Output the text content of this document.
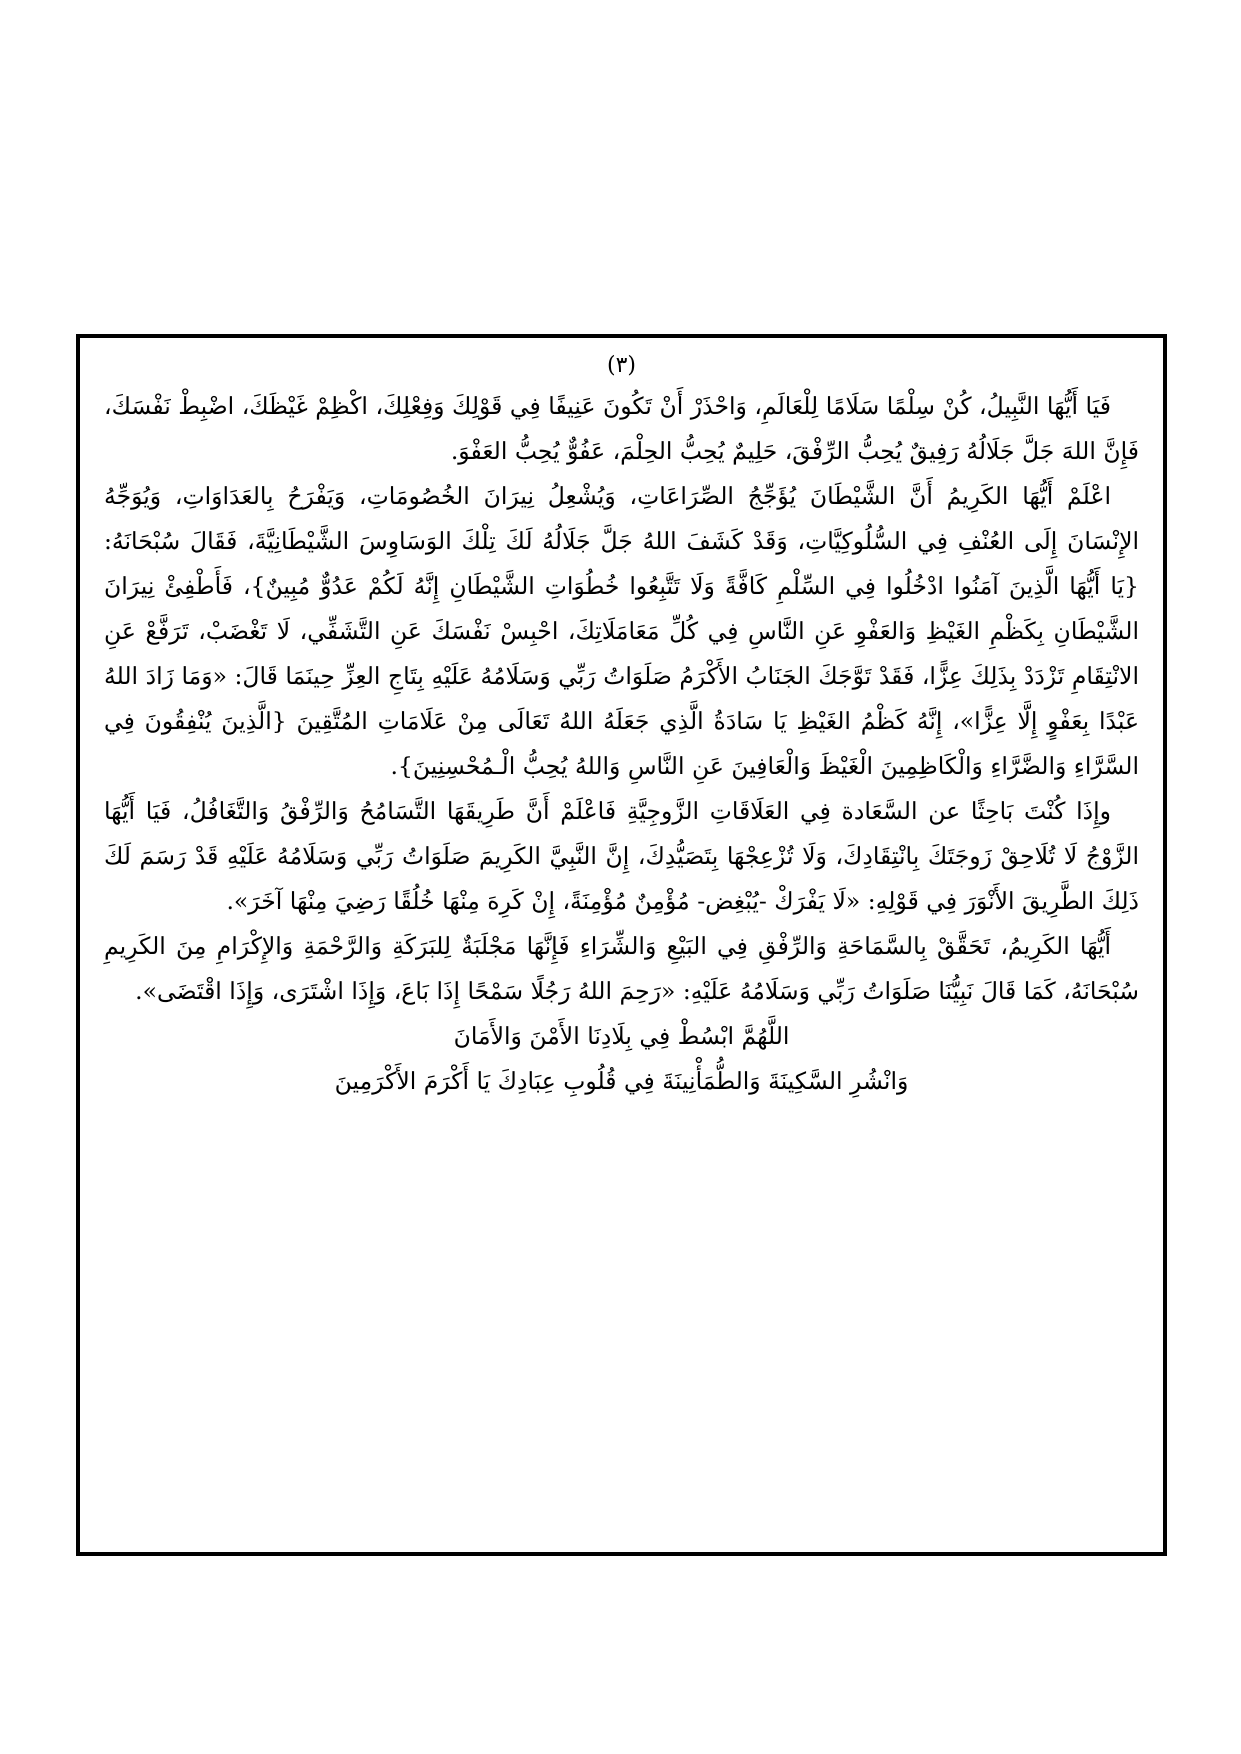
(٣)

فَيَا أَيُّهَا النَّبِيلُ، كُنْ سِلْمًا سَلَامًا لِلْعَالَمِ، وَاحْذَرْ أَنْ تَكُونَ عَنِيفًا فِي قَوْلِكَ وَفِعْلِكَ، اكْظِمْ غَيْظَكَ، اضْبِطْ نَفْسَكَ، فَإِنَّ اللهَ جَلَّ جَلَالُهُ رَفِيقٌ يُحِبُّ الرِّفْقَ، حَلِيمٌ يُحِبُّ الحِلْمَ، عَفُوٌّ يُحِبُّ العَفْوَ.

اعْلَمْ أَيُّهَا الكَرِيمُ أَنَّ الشَّيْطَانَ يُؤَجِّجُ الصِّرَاعَاتِ، وَيُشْعِلُ نِيرَانَ الخُصُومَاتِ، وَيَفْرَحُ بِالعَدَاوَاتِ، وَيُوَجِّهُ الإِنْسَانَ إِلَى العُنْفِ فِي السُّلُوكِيَّاتِ، وَقَدْ كَشَفَ اللهُ جَلَّ جَلَالُهُ لَكَ تِلْكَ الوَسَاوِسَ الشَّيْطَانِيَّةَ، فَقَالَ سُبْحَانَهُ: {يَا أَيُّهَا الَّذِينَ آمَنُوا ادْخُلُوا فِي السِّلْمِ كَافَّةً وَلَا تَتَّبِعُوا خُطُوَاتِ الشَّيْطَانِ إِنَّهُ لَكُمْ عَدُوٌّ مُبِينٌ}، فَأَطْفِئْ نِيرَانَ الشَّيْطَانِ بِكَظْمِ الغَيْظِ وَالعَفْوِ عَنِ النَّاسِ فِي كُلِّ مَعَامَلَاتِكَ، احْبِسْ نَفْسَكَ عَنِ التَّشَفِّي، لَا تَغْضَبْ، تَرَفَّعْ عَنِ الانْتِقَامِ تَزْدَدْ بِذَلِكَ عِزًّا، فَقَدْ تَوَّجَكَ الجَنَابُ الأَكْرَمُ صَلَوَاتُ رَبِّي وَسَلَامُهُ عَلَيْهِ بِتَاجِ العِزِّ حِينَمَا قَالَ: «وَمَا زَادَ اللهُ عَبْدًا بِعَفْوٍ إِلَّا عِزًّا»، إِنَّهُ كَظْمُ الغَيْظِ يَا سَادَةُ الَّذِي جَعَلَهُ اللهُ تَعَالَى مِنْ عَلَامَاتِ المُتَّقِينَ {الَّذِينَ يُنْفِقُونَ فِي السَّرَّاءِ وَالضَّرَّاءِ وَالْكَاظِمِينَ الْغَيْظَ وَالْعَافِينَ عَنِ النَّاسِ وَاللهُ يُحِبُّ الْـمُحْسِنِينَ}.

وإِذَا كُنْتَ بَاحِثًا عن السَّعَادة فِي العَلَاقَاتِ الزَّوجِيَّةِ فَاعْلَمْ أَنَّ طَرِيقَهَا التَّسَامُحُ وَالرِّفْقُ وَالتَّغَافُلُ، فَيَا أَيُّهَا الزَّوْجُ لَا تُلَاحِقْ زَوجَتَكَ بِانْتِقَادِكَ، وَلَا تُزْعِجْهَا بِتَصَيُّدِكَ، إِنَّ النَّبِيَّ الكَرِيمَ صَلَوَاتُ رَبِّي وَسَلَامُهُ عَلَيْهِ قَدْ رَسَمَ لَكَ ذَلِكَ الطَّرِيقَ الأَنْوَرَ فِي قَوْلِهِ: «لَا يَفْرَكْ -يُبْغِض- مُؤْمِنٌ مُؤْمِنَةً، إِنْ كَرِهَ مِنْهَا خُلُقًا رَضِيَ مِنْهَا آخَرَ».

أَيُّهَا الكَرِيمُ، تَحَقَّقْ بِالسَّمَاحَةِ وَالرِّفْقِ فِي البَيْعِ وَالشِّرَاءِ فَإِنَّهَا مَجْلَبَةٌ لِلبَرَكَةِ وَالرَّحْمَةِ وَالإِكْرَامِ مِنَ الكَرِيمِ سُبْحَانَهُ، كَمَا قَالَ نَبِيُّنَا صَلَوَاتُ رَبِّي وَسَلَامُهُ عَلَيْهِ: «رَحِمَ اللهُ رَجُلًا سَمْحًا إِذَا بَاعَ، وَإِذَا اشْتَرَى، وَإِذَا اقْتَضَى».

اللَّهُمَّ ابْسُطْ فِي بِلَادِنَا الأَمْنَ وَالأَمَانَ

وَانْشُرِ السَّكِينَةَ وَالطُّمَأْنِينَةَ فِي قُلُوبِ عِبَادِكَ يَا أَكْرَمَ الأَكْرَمِينَ
